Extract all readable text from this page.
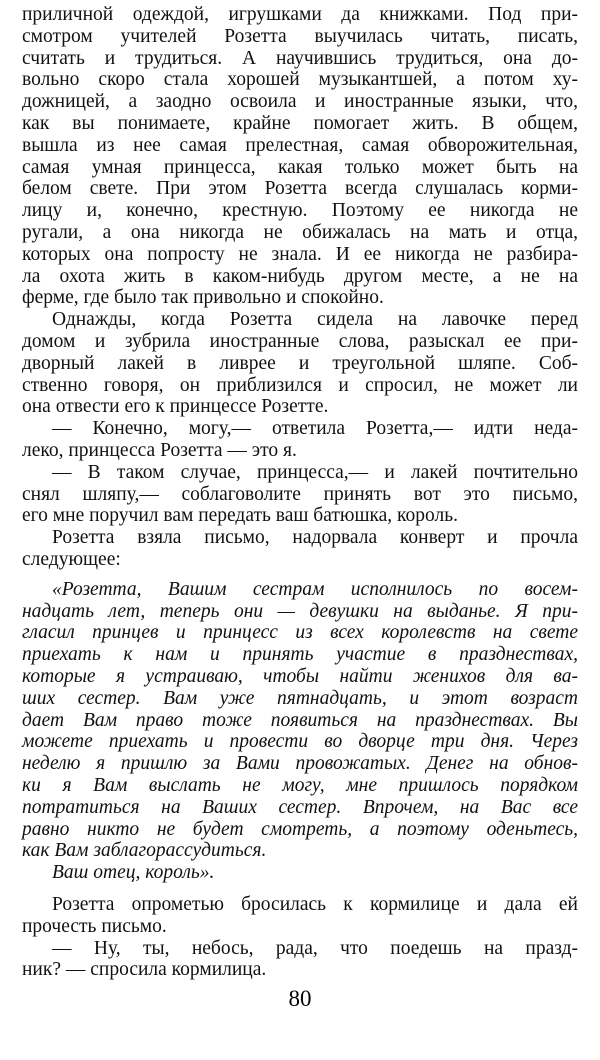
приличной одеждой, игрушками да книжками. Под при-
смотром учителей Розетта выучилась читать, писать,
считать и трудиться. А научившись трудиться, она до-
вольно скоро стала хорошей музыкантшей, а потом ху-
дожницей, а заодно освоила и иностранные языки, что,
как вы понимаете, крайне помогает жить. В общем,
вышла из нее самая прелестная, самая обворожительная,
самая умная принцесса, какая только может быть на
белом свете. При этом Розетта всегда слушалась корми-
лицу и, конечно, крестную. Поэтому ее никогда не
ругали, а она никогда не обижалась на мать и отца,
которых она попросту не знала. И ее никогда не разбира-
ла охота жить в каком-нибудь другом месте, а не на
ферме, где было так привольно и спокойно.
Однажды, когда Розетта сидела на лавочке перед
домом и зубрила иностранные слова, разыскал ее при-
дворный лакей в ливрее и треугольной шляпе. Соб-
ственно говоря, он приблизился и спросил, не может ли
она отвести его к принцессе Розетте.
— Конечно, могу,— ответила Розетта,— идти неда-
леко, принцесса Розетта — это я.
— В таком случае, принцесса,— и лакей почтительно
снял шляпу,— соблаговолите принять вот это письмо,
его мне поручил вам передать ваш батюшка, король.
Розетта взяла письмо, надорвала конверт и прочла
следующее:
«Розетта, Вашим сестрам исполнилось по восем-
надцать лет, теперь они — девушки на выданье. Я при-
гласил принцев и принцесс из всех королевств на свете
приехать к нам и принять участие в празднествах,
которые я устраиваю, чтобы найти женихов для ва-
ших сестер. Вам уже пятнадцать, и этот возраст
дает Вам право тоже появиться на празднествах. Вы
можете приехать и провести во дворце три дня. Через
неделю я пришлю за Вами провожатых. Денег на обнов-
ки я Вам выслать не могу, мне пришлось порядком
потратиться на Ваших сестер. Впрочем, на Вас все
равно никто не будет смотреть, а поэтому оденьтесь,
как Вам заблагорассудиться.
Ваш отец, король».
Розетта опрометью бросилась к кормилице и дала ей
прочесть письмо.
— Ну, ты, небось, рада, что поедешь на празд-
ник? — спросила кормилица.
80
